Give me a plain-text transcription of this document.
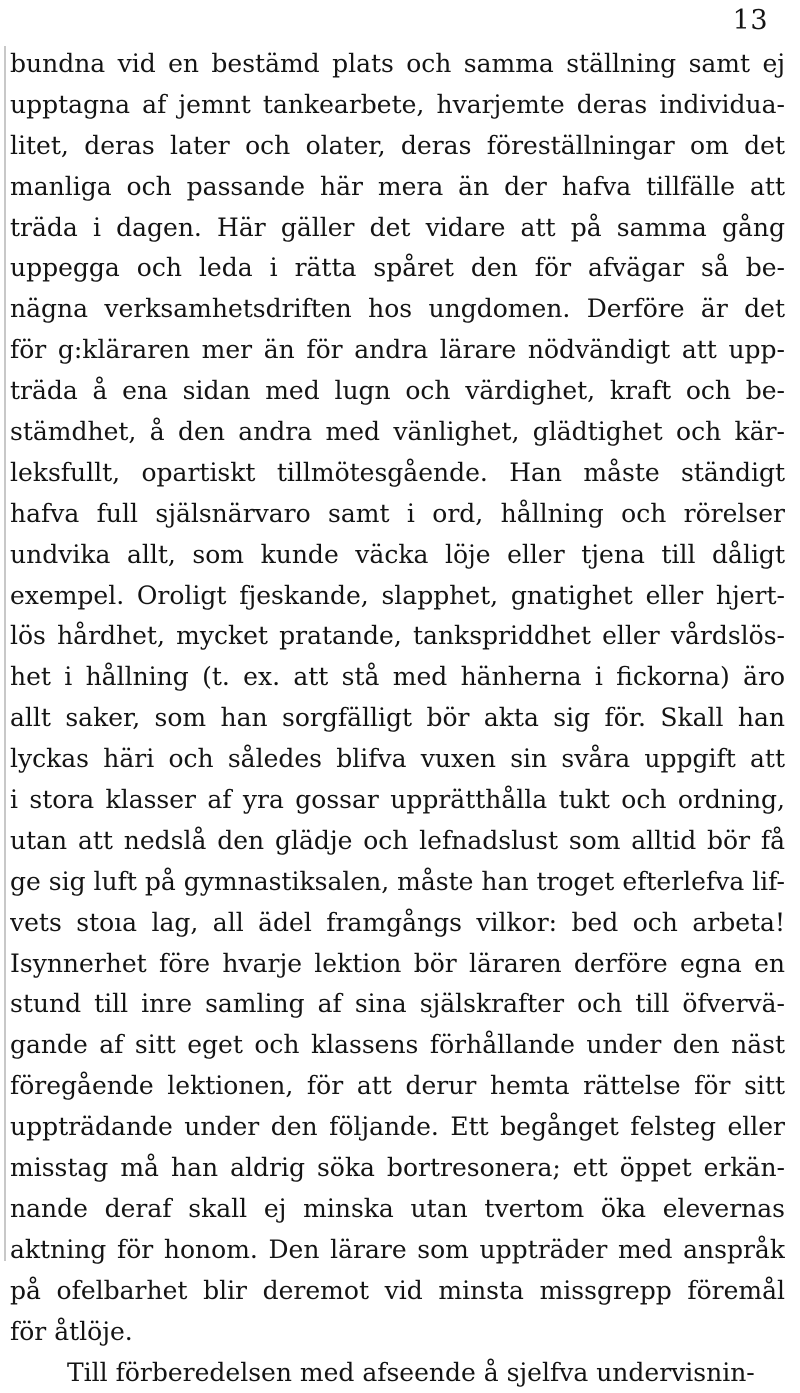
13
bundna vid en bestämd plats och samma ställning samt ej
upptagna af jemnt tankearbete, hvarjemte deras individua-
litet, deras later och olater, deras föreställningar om det
manliga och passande här mera än der hafva tillfälle att
träda i dagen. Här gäller det vidare att på samma gång
uppegga och leda i rätta spåret den för afvägar så be-
nägna verksamhetsdriften hos ungdomen. Derföre är det
för g:kläraren mer än för andra lärare nödvändigt att upp-
träda å ena sidan med lugn och värdighet, kraft och be-
stämdhet, å den andra med vänlighet, glädtighet och kär-
leksfullt, opartiskt tillmötesgående. Han måste ständigt
hafva full själsnärvaro samt i ord, hållning och rörelser
undvika allt, som kunde väcka löje eller tjena till dåligt
exempel. Oroligt fjeskande, slapphet, gnatighet eller hjert-
lös hårdhet, mycket pratande, tankspriddhet eller vårdslös-
het i hållning (t. ex. att stå med hänherna i fickorna) äro
allt saker, som han sorgfälligt bör akta sig för. Skall han
lyckas häri och således blifva vuxen sin svåra uppgift att
i stora klasser af yra gossar upprätthålla tukt och ordning,
utan att nedslå den glädje och lefnadslust som alltid bör få
ge sig luft på gymnastiksalen, måste han troget efterlefva lif-
vets stoıa lag, all ädel framgångs vilkor: bed och arbeta!
Isynnerhet före hvarje lektion bör läraren derföre egna en
stund till inre samling af sina själskrafter och till öfvervä-
gande af sitt eget och klassens förhållande under den näst
föregående lektionen, för att derur hemta rättelse för sitt
uppträdande under den följande. Ett begånget felsteg eller
misstag må han aldrig söka bortresonera; ett öppet erkän-
nande deraf skall ej minska utan tvertom öka elevernas
aktning för honom. Den lärare som uppträder med anspråk
på ofelbarhet blir deremot vid minsta missgrepp föremål
för åtlöje.
Till förberedelsen med afseende å sjelfva undervisnin-
